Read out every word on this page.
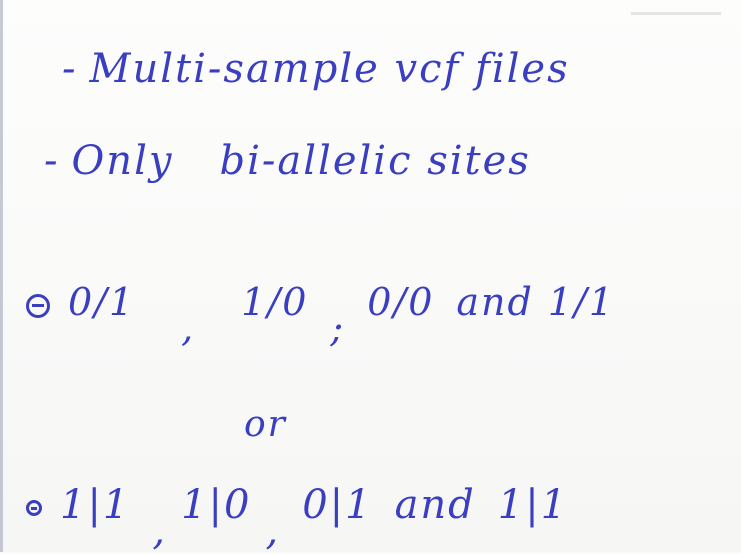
- Multi-sample vcf files
- Only bi-allelic sites
0/1,1/0;0/0 and 1/1
or
1|1,1|0,0|1 and 1|1
